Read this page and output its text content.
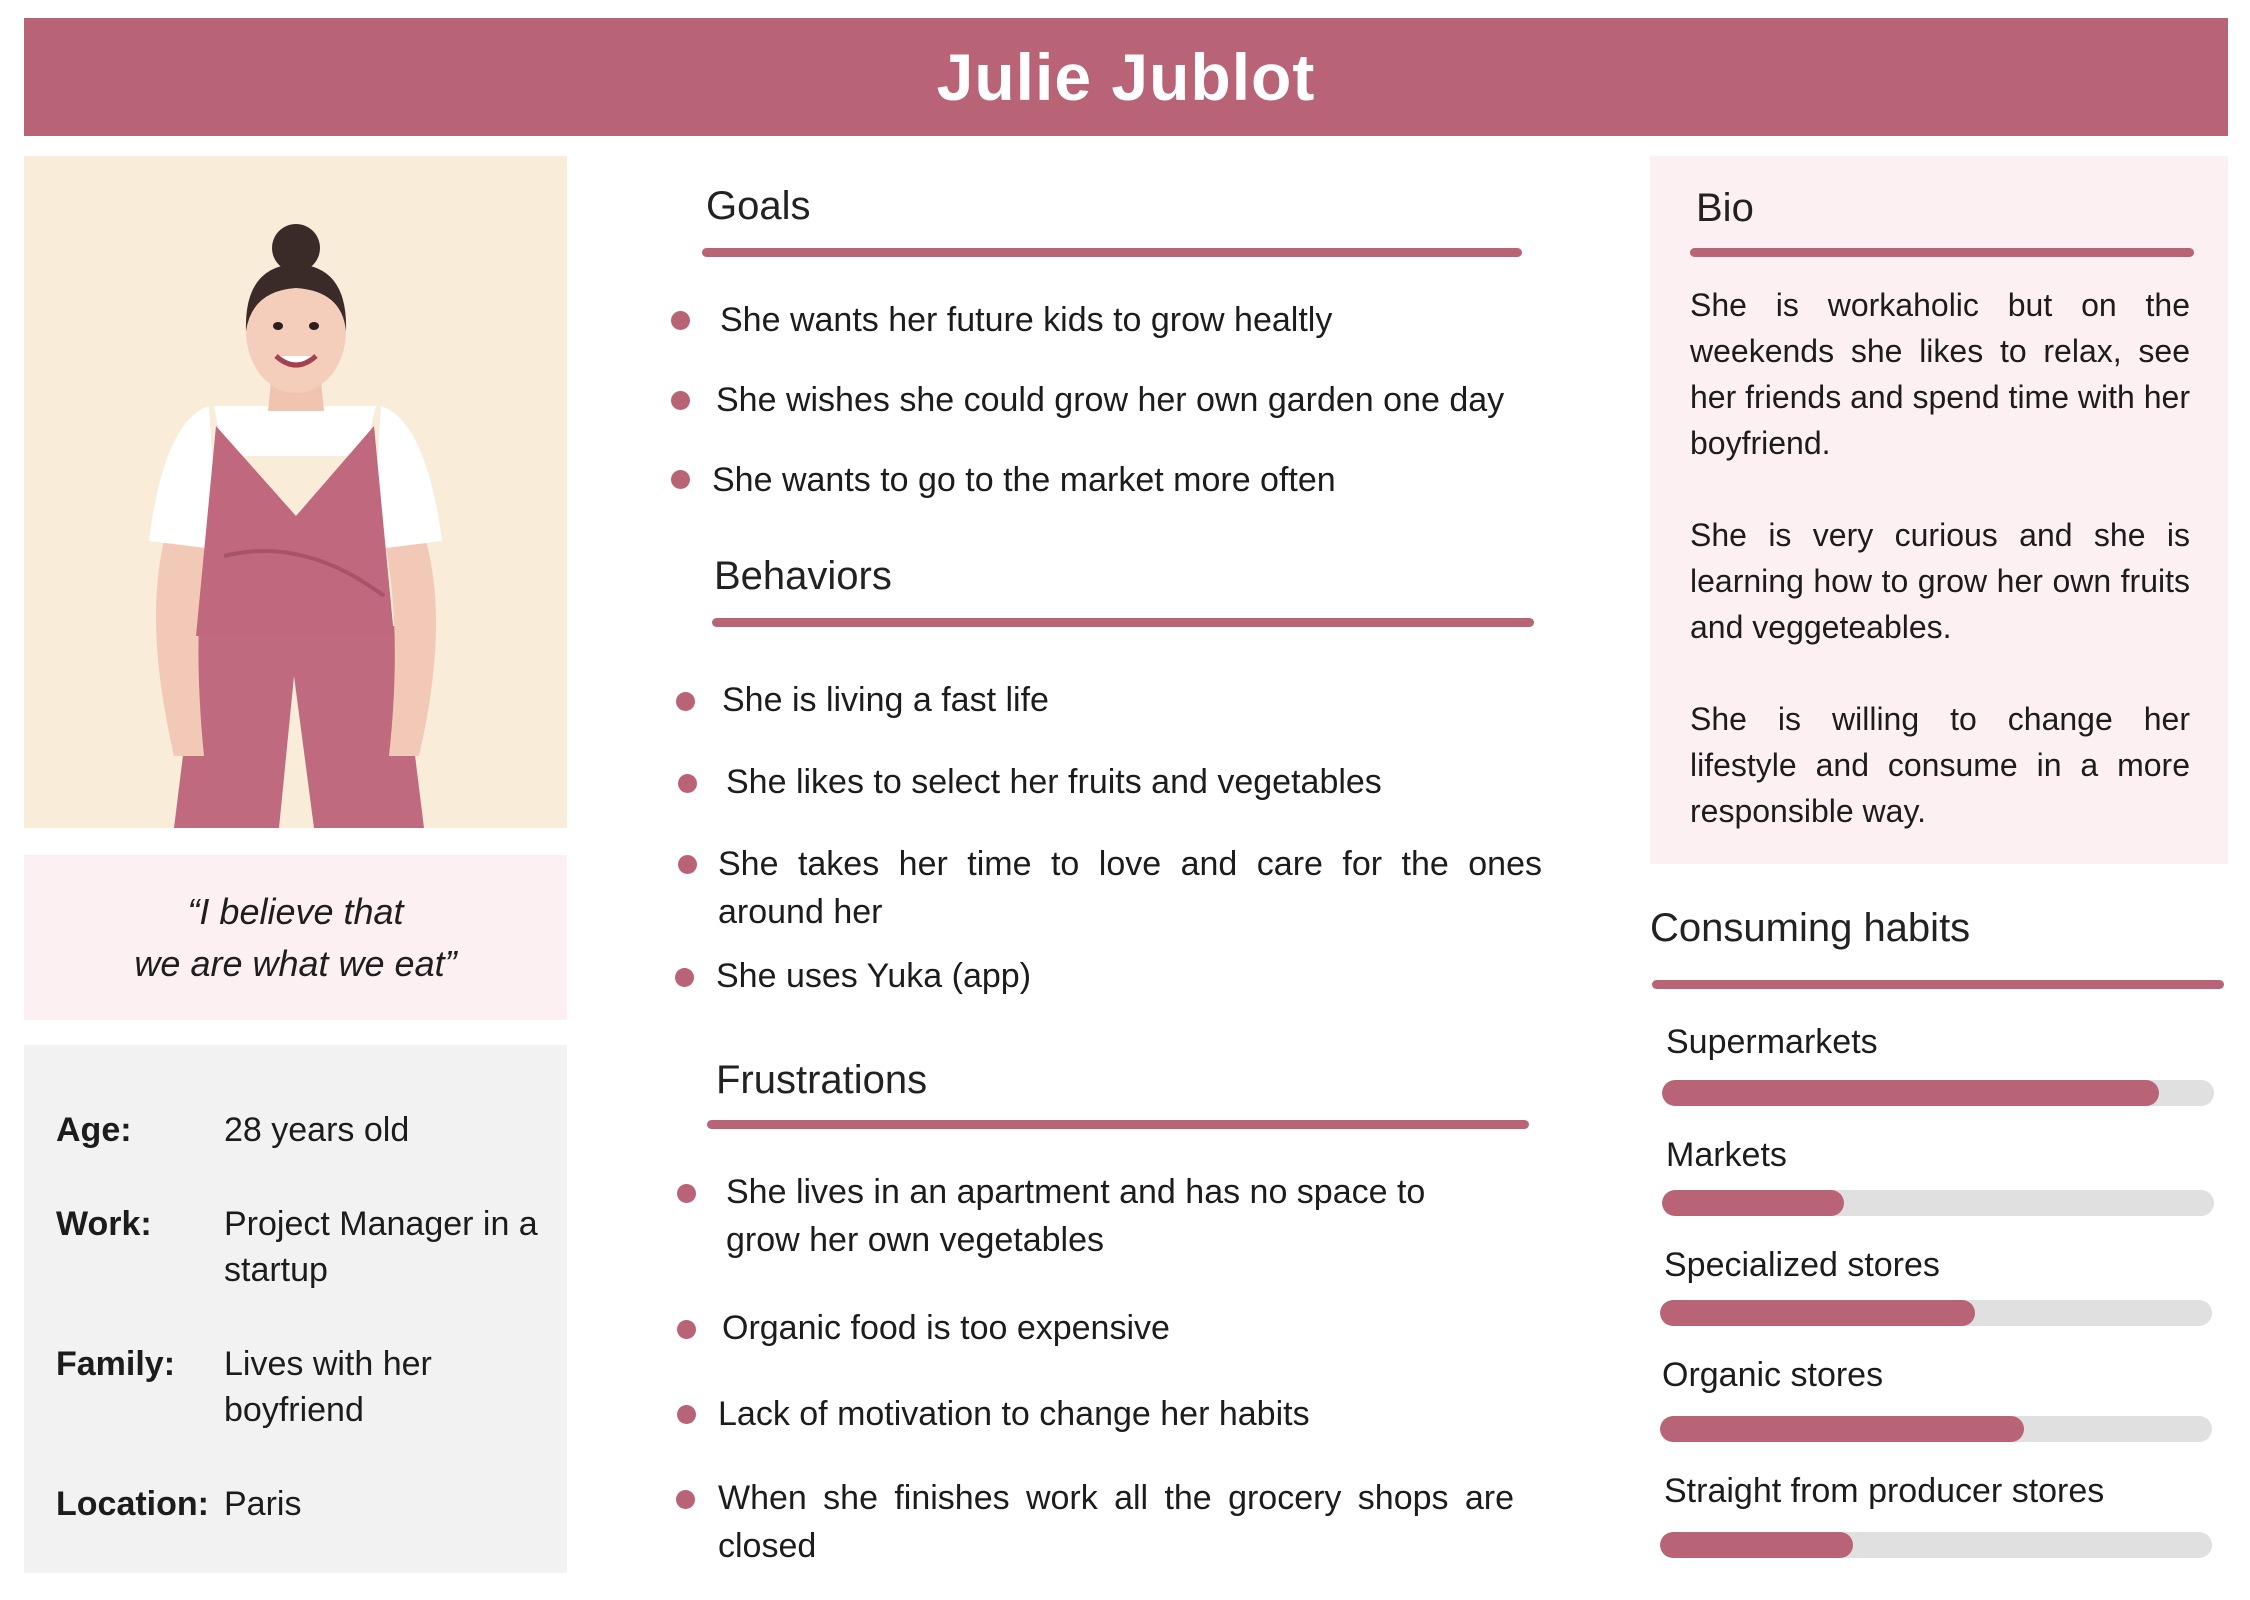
Julie Jublot
“I believe that
we are what we eat”
Age:	28 years old
Work: Project Manager in a startup
Family: Lives with her boyfriend
Location: Paris
Goals
She wants her future kids to grow healtly
She wishes she could grow her own garden one day
She wants to go to the market more often
Behaviors
She is living a fast life
She likes to select her fruits and vegetables
She takes her time to love and care for the ones around her
She uses Yuka (app)
Frustrations
She lives in an apartment and has no space to grow her own vegetables
Organic food is too expensive
Lack of motivation to change her habits
When she finishes work all the grocery shops are closed
Bio

She is workaholic but on the weekends she likes to relax, see her friends and spend time with her boyfriend.

She is very curious and she is learning how to grow her own fruits and veggeteables.

She is willing to change her lifestyle and consume in a more responsible way.

Consuming habits
Supermarkets
Markets
Specialized stores
Organic stores
Straight from producer stores
